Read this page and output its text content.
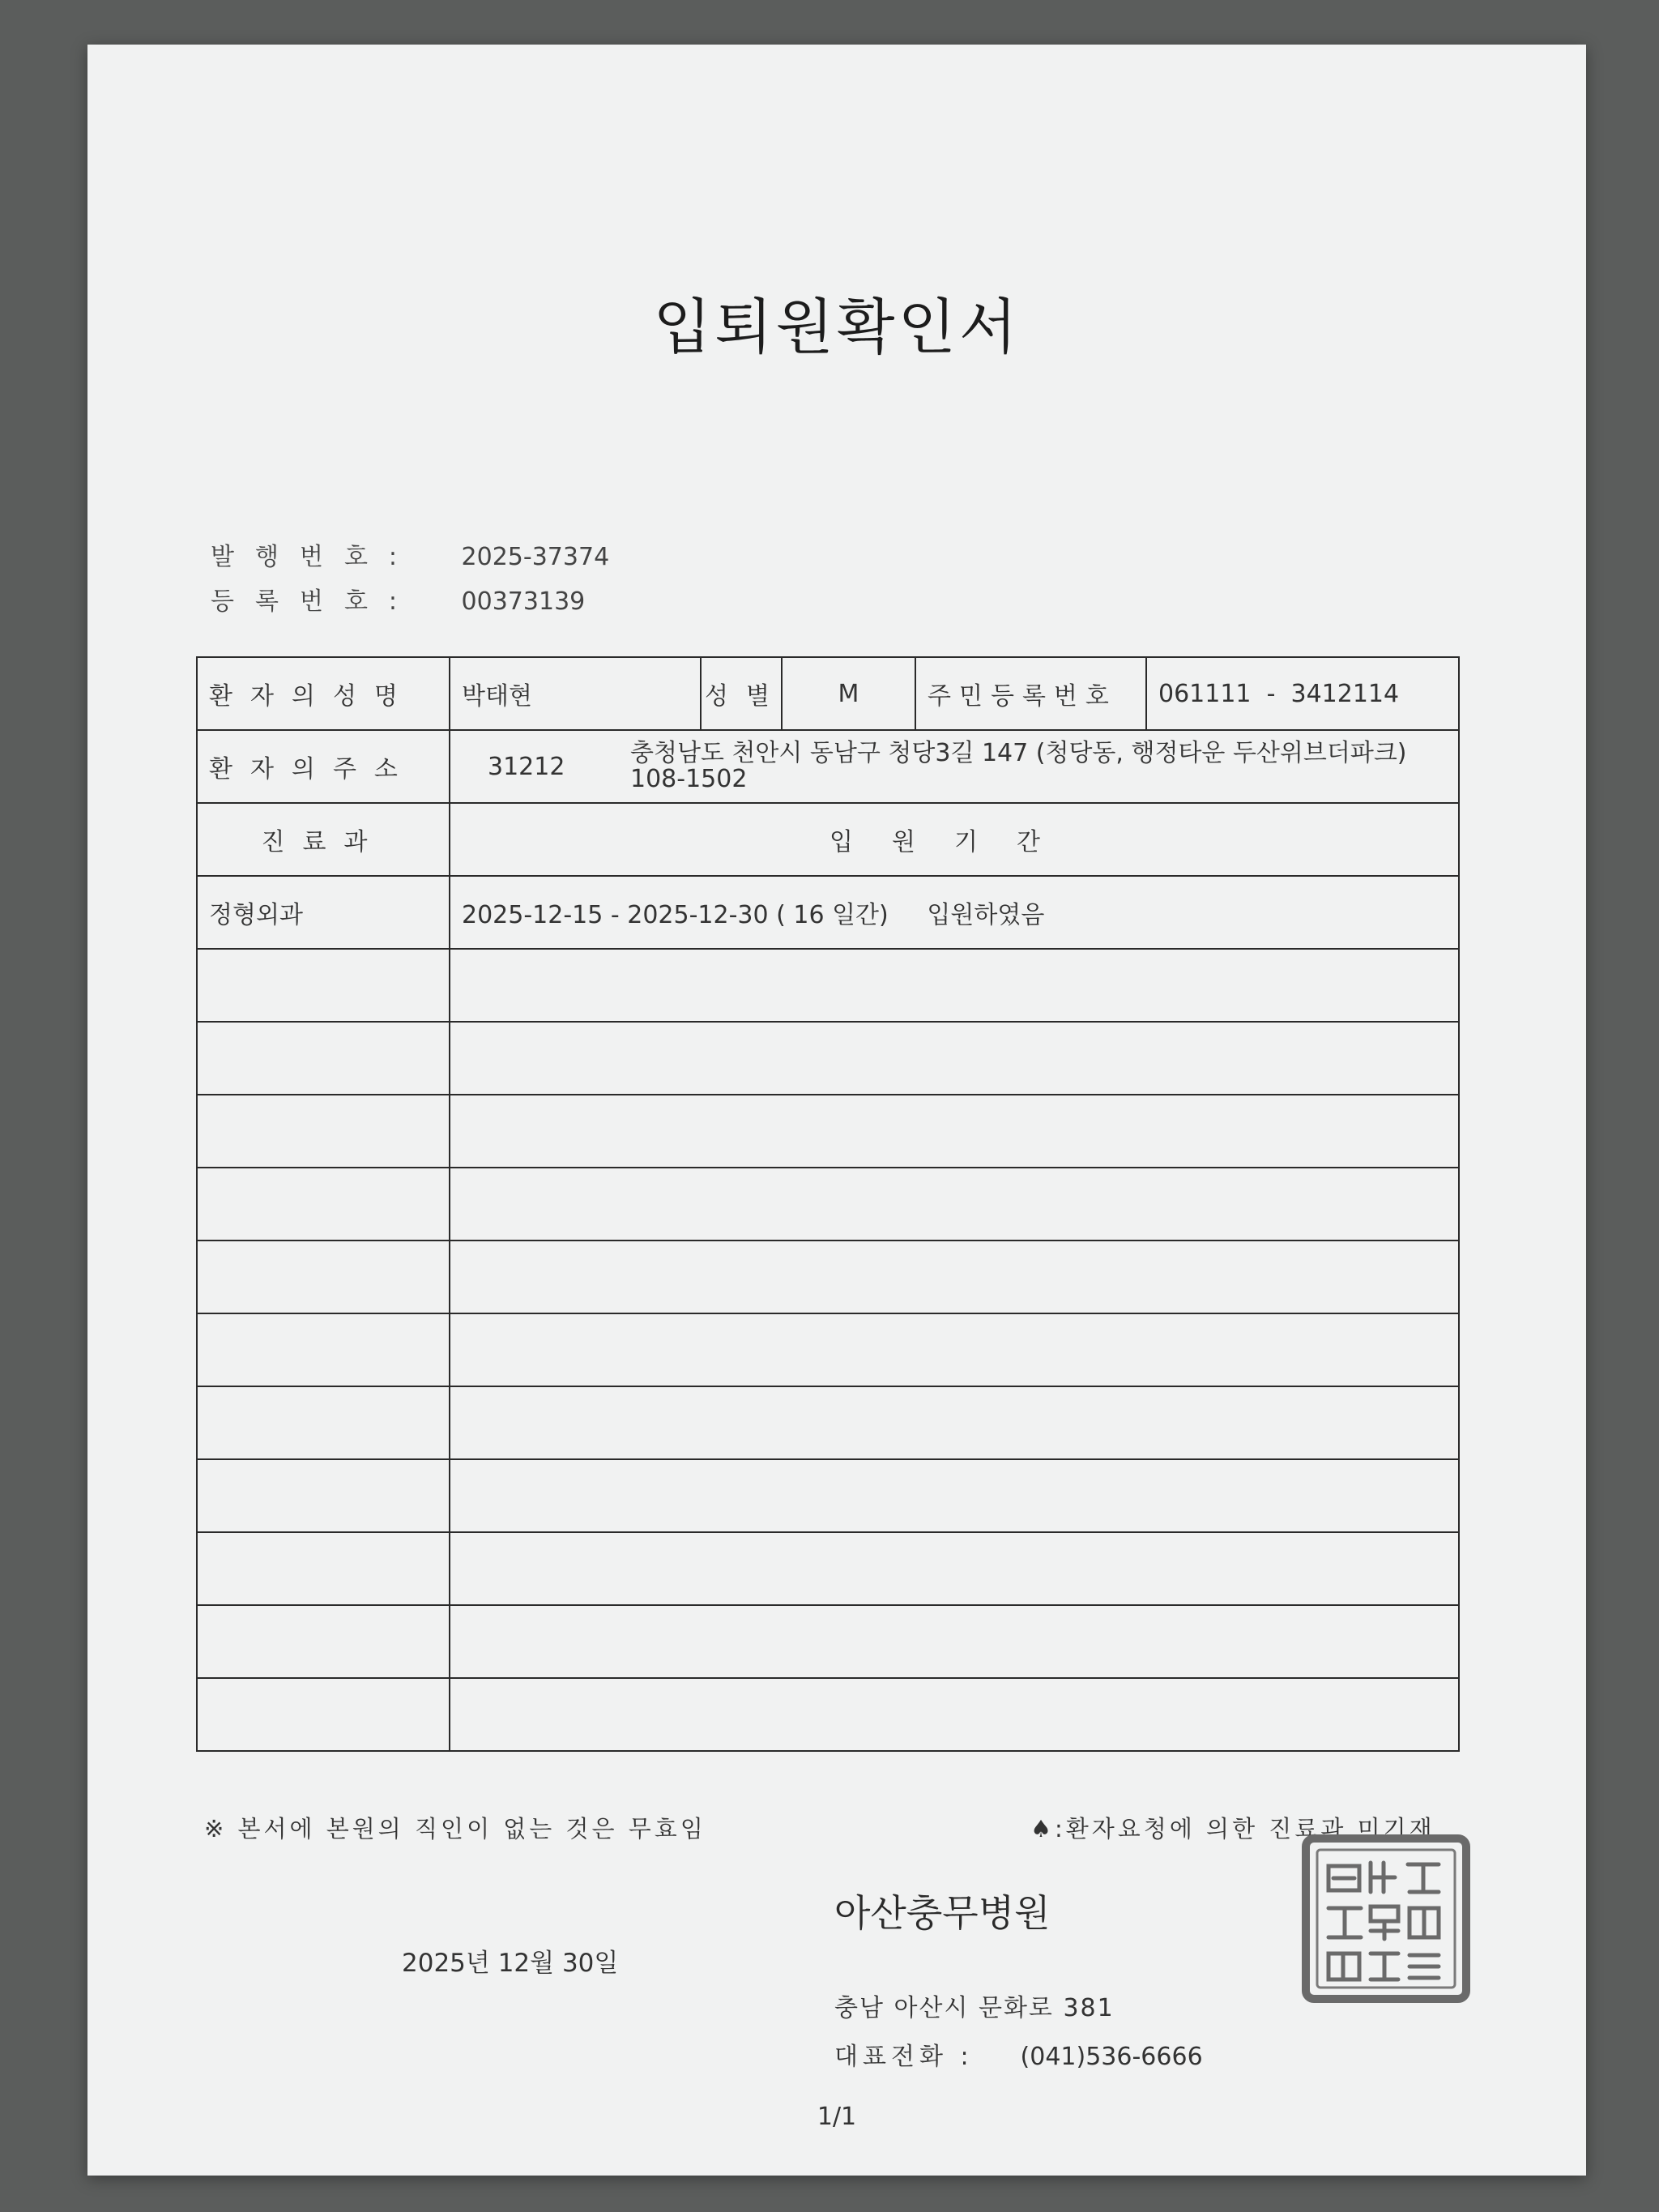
입퇴원확인서
발행번호: 2025-37374
등록번호: 00373139
환자의성명	박태현	성별	M	주민등록번호	061111  -  3412114
환자의주소	31212 충청남도 천안시 동남구 청당3길 147 (청당동, 행정타운 두산위브더파크)
108-1502				

진료과	입원기간				
정형외과	2025-12-15 - 2025-12-30 ( 16 일간)     입원하였음				

※ 본서에 본원의 직인이 없는 것은 무효임	♠:환자요청에 의한 진료과 미기재
아산충무병원
2025년 12월 30일
충남 아산시 문화로 381
대표전화 : (041)536-6666
1/1
